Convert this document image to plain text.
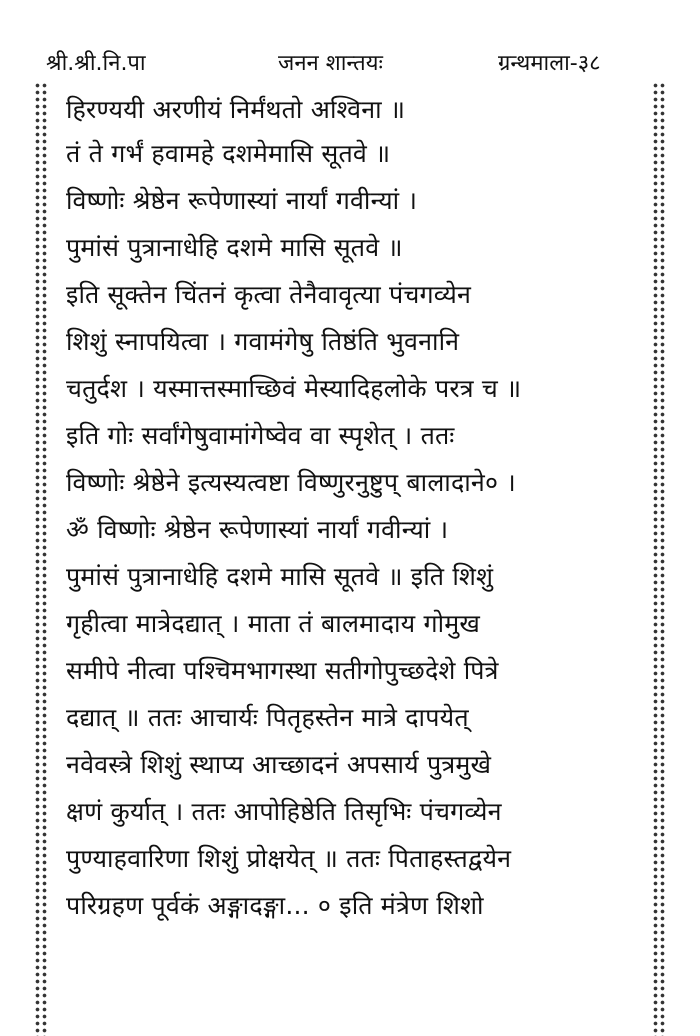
श्री.श्री.नि.पा	जनन शान्तयः	ग्रन्थमाला-३८
हिरण्ययी अरणीयं निर्मंथतो अश्विना ॥
तं ते गर्भं हवामहे दशमेमासि सूतवे ॥
विष्णोः श्रेष्ठेन रूपेणास्यां नार्यां गवीन्यां ।
पुमांसं पुत्रानाधेहि दशमे मासि सूतवे ॥
इति सूक्तेन चिंतनं कृत्वा तेनैवावृत्या पंचगव्येन
शिशुं स्नापयित्वा । गवामंगेषु तिष्ठंति भुवनानि
चतुर्दश । यस्मात्तस्माच्छिवं मेस्यादिहलोके परत्र च ॥
इति गोः सर्वांगेषुवामांगेष्वेव वा स्पृशेत् । ततः
विष्णोः श्रेष्ठेने इत्यस्यत्वष्टा विष्णुरनुष्टुप् बालादाने० ।
ॐ विष्णोः श्रेष्ठेन रूपेणास्यां नार्यां गवीन्यां ।
पुमांसं पुत्रानाधेहि दशमे मासि सूतवे ॥ इति शिशुं
गृहीत्वा मात्रेदद्यात् । माता तं बालमादाय गोमुख
समीपे नीत्वा पश्चिमभागस्था सतीगोपुच्छदेशे पित्रे
दद्यात् ॥ ततः आचार्यः पितृहस्तेन मात्रे दापयेत्
नवेवस्त्रे शिशुं स्थाप्य आच्छादनं अपसार्य पुत्रमुखे
क्षणं कुर्यात् । ततः आपोहिष्ठेति तिसृभिः पंचगव्येन
पुण्याहवारिणा शिशुं प्रोक्षयेत् ॥ ततः पिताहस्तद्वयेन
परिग्रहण पूर्वकं अङ्गादङ्गा... ० इति मंत्रेण शिशो
